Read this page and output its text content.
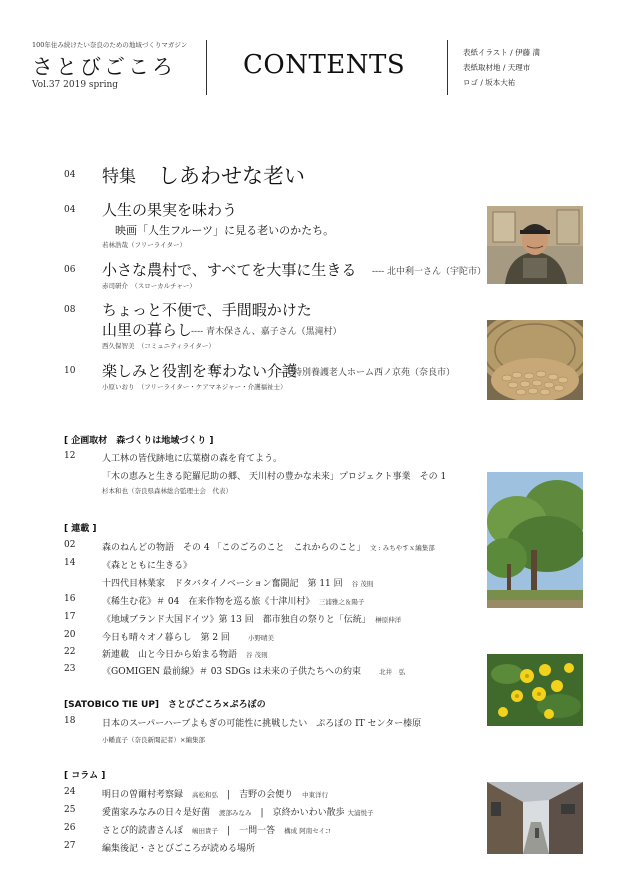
100年住み続けたい奈良のための地域づくりマガジン
さとびごころ
Vol.37 2019 spring
CONTENTS	表紙イラスト / 伊藤 満
表紙取材地 / 天理市
ロゴ / 坂本大祐
04 特集 しあわせな老い
04 人生の果実を味わう
映画「人生フルーツ」に見る老いのかたち。
若林浩哉（フリーライター）
06 小さな農村で、すべてを大事に生きる ---- 北中利一さん（宇陀市）
赤司研介　（スローカルチャー）
08 ちょっと不便で、手間暇かけた
山里の暮らし
---- 青木保さん、嘉子さん（黒滝村）
西久保智美　（コミュニティライター）
10 楽しみと役割を奪わない介護
---- 特別養護老人ホーム西ノ京苑（奈良市）
小原いおり　（フリーライター・ケアマネジャー・介護福祉士）
[ 企画取材　森づくりは地域づくり ]
12	人工林の皆伐跡地に広葉樹の森を育てよう。
「木の恵みと生きる陀羅尼助の郷、 天川村の豊かな未来」プロジェクト事業　その 1
杉本和也（奈良県森林総合監理士会　代表）
[ 連載 ]
02	森のねんどの物語　その 4 「このごろのこと　これからのこと」　 文 : みちやすｘ編集部
14	《森とともに生きる》
十四代目林業家　ドタバタイノベーション奮闘記　第 11 回　 谷 茂則
16	《稀生む花》＃ 04　在来作物を巡る旅《十津川村》　 三浦雅之＆陽子
17	《地域ブランド大国ドイツ》第 13 回　都市独自の祭りと「伝統」　 榊原伸洋
20	今日も晴々オノ暮らし　第 2 回　　	小野晴美
22	新連載　山と今日から始まる物語　 谷 茂則
23	《GOMIGEN 最前線》＃ 03 SDGs は未来の子供たちへの約束　　	北井　弘
[SATOBICO TIE UP]　さとびごころ×ぷろぼの
18	日本のスーパーハーブよもぎの可能性に挑戦したい　ぷろぼの IT センター榛原
小幡直子（奈良新聞記者）×編集部
[ コラム ]
24	明日の曽爾村考察録　 高松和弘　 |　 吉野の会便り　 中東洋行
25	愛菌家みなみの日々是好菌　 渡部みなみ　 |　 京終かいわい散歩 大浦悦子
26	さとび的読書さんぽ　 嶋田貴子　 |　 一問一答　 構成 阿南セイコ
27	編集後記・さとびごころが読める場所
